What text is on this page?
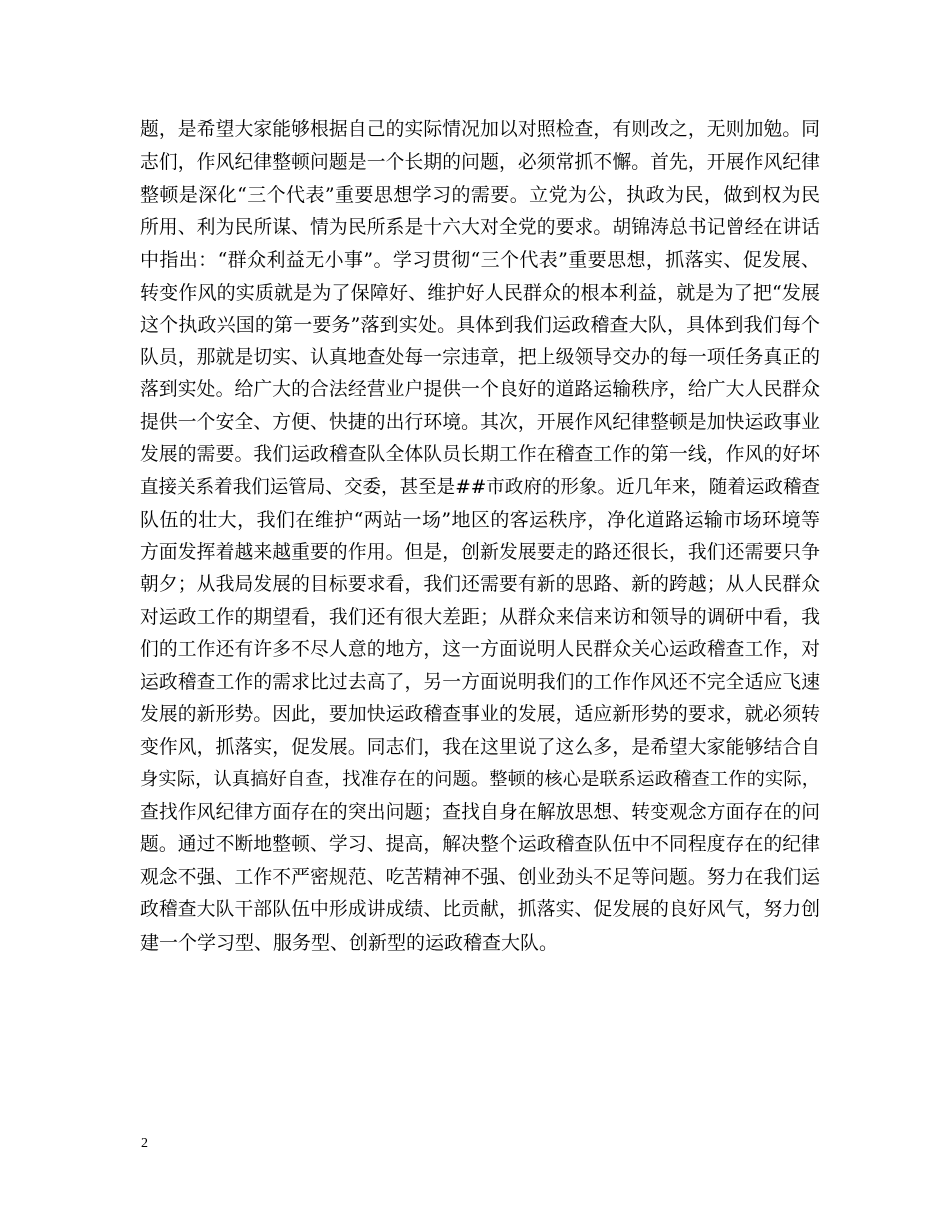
题，是希望大家能够根据自己的实际情况加以对照检查，有则改之，无则加勉。同
志们，作风纪律整顿问题是一个长期的问题，必须常抓不懈。首先，开展作风纪律
整顿是深化“三个代表”重要思想学习的需要。立党为公，执政为民，做到权为民
所用、利为民所谋、情为民所系是十六大对全党的要求。胡锦涛总书记曾经在讲话
中指出：“群众利益无小事”。学习贯彻“三个代表”重要思想，抓落实、促发展、
转变作风的实质就是为了保障好、维护好人民群众的根本利益，就是为了把“发展
这个执政兴国的第一要务”落到实处。具体到我们运政稽查大队，具体到我们每个
队员，那就是切实、认真地查处每一宗违章，把上级领导交办的每一项任务真正的
落到实处。给广大的合法经营业户提供一个良好的道路运输秩序，给广大人民群众
提供一个安全、方便、快捷的出行环境。其次，开展作风纪律整顿是加快运政事业
发展的需要。我们运政稽查队全体队员长期工作在稽查工作的第一线，作风的好坏
直接关系着我们运管局、交委，甚至是##市政府的形象。近几年来，随着运政稽查
队伍的壮大，我们在维护“两站一场”地区的客运秩序，净化道路运输市场环境等
方面发挥着越来越重要的作用。但是，创新发展要走的路还很长，我们还需要只争
朝夕；从我局发展的目标要求看，我们还需要有新的思路、新的跨越；从人民群众
对运政工作的期望看，我们还有很大差距；从群众来信来访和领导的调研中看，我
们的工作还有许多不尽人意的地方，这一方面说明人民群众关心运政稽查工作，对
运政稽查工作的需求比过去高了，另一方面说明我们的工作作风还不完全适应飞速
发展的新形势。因此，要加快运政稽查事业的发展，适应新形势的要求，就必须转
变作风，抓落实，促发展。同志们，我在这里说了这么多，是希望大家能够结合自
身实际，认真搞好自查，找准存在的问题。整顿的核心是联系运政稽查工作的实际，
查找作风纪律方面存在的突出问题；查找自身在解放思想、转变观念方面存在的问
题。通过不断地整顿、学习、提高，解决整个运政稽查队伍中不同程度存在的纪律
观念不强、工作不严密规范、吃苦精神不强、创业劲头不足等问题。努力在我们运
政稽查大队干部队伍中形成讲成绩、比贡献，抓落实、促发展的良好风气，努力创
建一个学习型、服务型、创新型的运政稽查大队。
2
